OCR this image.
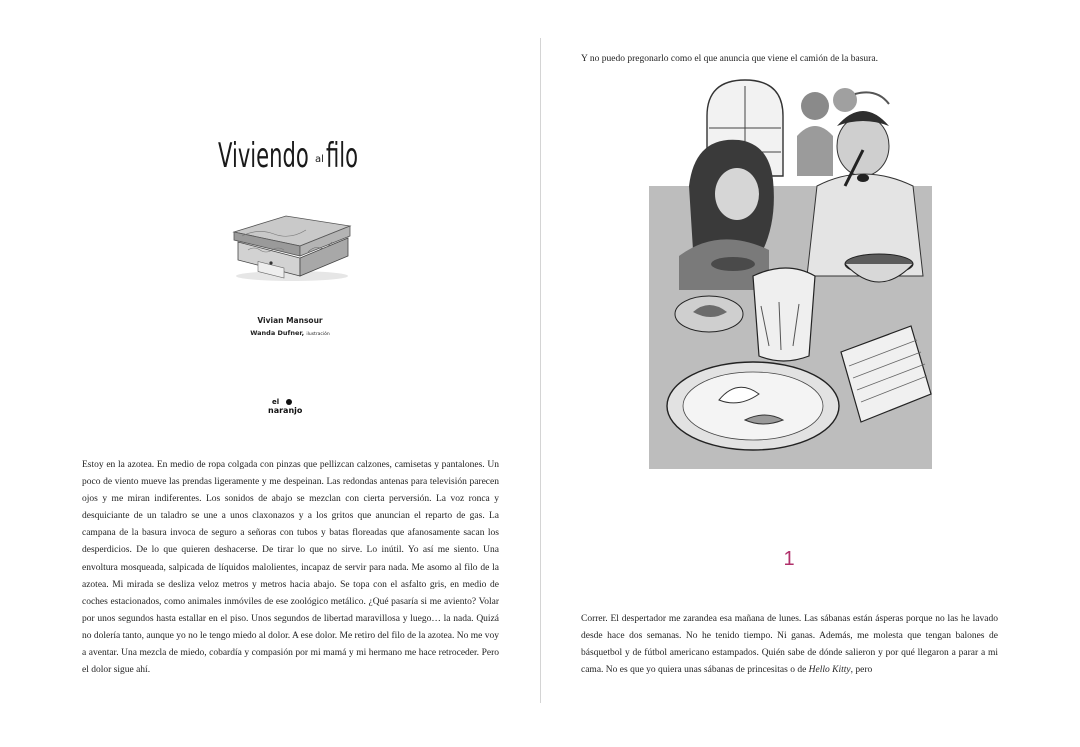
Viviendo al filo
Vivian Mansour
Wanda Dufner, ilustración
el
naranjo

Estoy en la azotea. En medio de ropa colgada con pinzas que pellizcan calzones, camisetas y pantalones. Un poco de viento mueve las prendas ligeramente y me despeinan. Las redondas antenas para televisión parecen ojos y me miran indiferentes. Los sonidos de abajo se mezclan con cierta perversión. La voz ronca y desquiciante de un taladro se une a unos claxonazos y a los gritos que anuncian el reparto de gas. La campana de la basura invoca de seguro a señoras con tubos y batas floreadas que afanosamente sacan los desperdicios. De lo que quieren deshacerse. De tirar lo que no sirve. Lo inútil. Yo así me siento. Una envoltura mosqueada, salpicada de líquidos malolientes, incapaz de servir para nada. Me asomo al filo de la azotea. Mi mirada se desliza veloz metros y metros hacia abajo. Se topa con el asfalto gris, en medio de coches estacionados, como animales inmóviles de ese zoológico metálico. ¿Qué pasaría si me aviento? Volar por unos segundos hasta estallar en el piso. Unos segundos de libertad maravillosa y luego… la nada. Quizá no dolería tanto, aunque yo no le tengo miedo al dolor. A ese dolor. Me retiro del filo de la azotea. No me voy a aventar. Una mezcla de miedo, cobardía y compasión por mi mamá y mi hermano me hace retroceder. Pero el dolor sigue ahí.

Y no puedo pregonarlo como el que anuncia que viene el camión de la basura.

1

Correr. El despertador me zarandea esa mañana de lunes. Las sábanas están ásperas porque no las he lavado desde hace dos semanas. No he tenido tiempo. Ni ganas. Además, me molesta que tengan balones de básquetbol y de fútbol americano estampados. Quién sabe de dónde salieron y por qué llegaron a parar a mi cama. No es que yo quiera unas sábanas de princesitas o de Hello Kitty, pero
